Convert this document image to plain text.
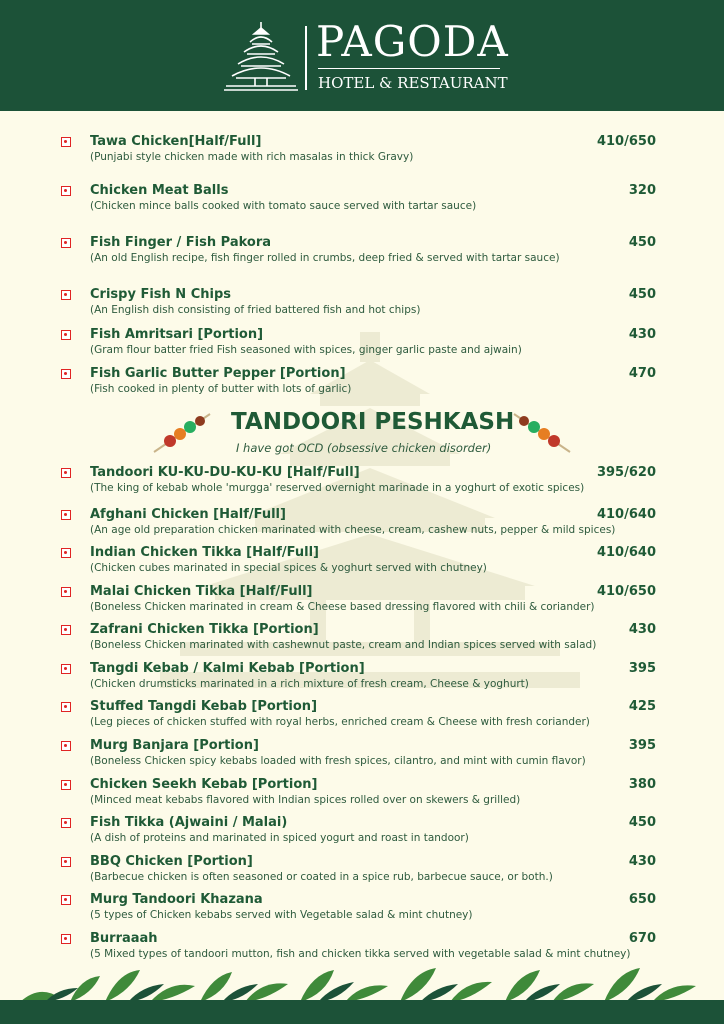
PAGODA
HOTEL & RESTAURANT
Tawa Chicken[Half/Full]	410/650
(Punjabi style chicken made with rich masalas in thick Gravy)
Chicken Meat Balls	320
(Chicken mince balls cooked with tomato sauce served with tartar sauce)
Fish Finger / Fish Pakora	450
(An old English recipe, fish finger rolled in crumbs, deep fried & served with tartar sauce)
Crispy Fish N Chips	450
(An English dish consisting of fried battered fish and hot chips)
Fish Amritsari [Portion]	430
(Gram flour batter fried Fish seasoned with spices, ginger garlic paste and ajwain)
Fish Garlic Butter Pepper [Portion]	470
(Fish cooked in plenty of butter with lots of garlic)
TANDOORI PESHKASH
I have got OCD (obsessive chicken disorder)
Tandoori KU-KU-DU-KU-KU [Half/Full]	395/620
(The king of kebab whole 'murgga' reserved overnight marinade in a yoghurt of exotic spices)
Afghani Chicken [Half/Full]	410/640
(An age old preparation chicken marinated with cheese, cream, cashew nuts, pepper & mild spices)
Indian Chicken Tikka [Half/Full]	410/640
(Chicken cubes marinated in special spices & yoghurt served with chutney)
Malai Chicken Tikka [Half/Full]	410/650
(Boneless Chicken marinated in cream & Cheese based dressing flavored with chili & coriander)
Zafrani Chicken Tikka [Portion]	430
(Boneless Chicken marinated with cashewnut paste, cream and Indian spices served with salad)
Tangdi Kebab / Kalmi Kebab [Portion]	395
(Chicken drumsticks marinated in a rich mixture of fresh cream, Cheese & yoghurt)
Stuffed Tangdi Kebab [Portion]	425
(Leg pieces of chicken stuffed with royal herbs, enriched cream & Cheese with fresh coriander)
Murg Banjara [Portion]	395
(Boneless Chicken spicy kebabs loaded with fresh spices, cilantro, and mint with cumin flavor)
Chicken Seekh Kebab [Portion]	380
(Minced meat kebabs flavored with Indian spices rolled over on skewers & grilled)
Fish Tikka (Ajwaini / Malai)	450
(A dish of proteins and marinated in spiced yogurt and roast in tandoor)
BBQ Chicken [Portion]	430
(Barbecue chicken is often seasoned or coated in a spice rub, barbecue sauce, or both.)
Murg Tandoori Khazana	650
(5 types of Chicken kebabs served with Vegetable salad & mint chutney)
Burraaah	670
(5 Mixed types of tandoori mutton, fish and chicken tikka served with vegetable salad & mint chutney)
